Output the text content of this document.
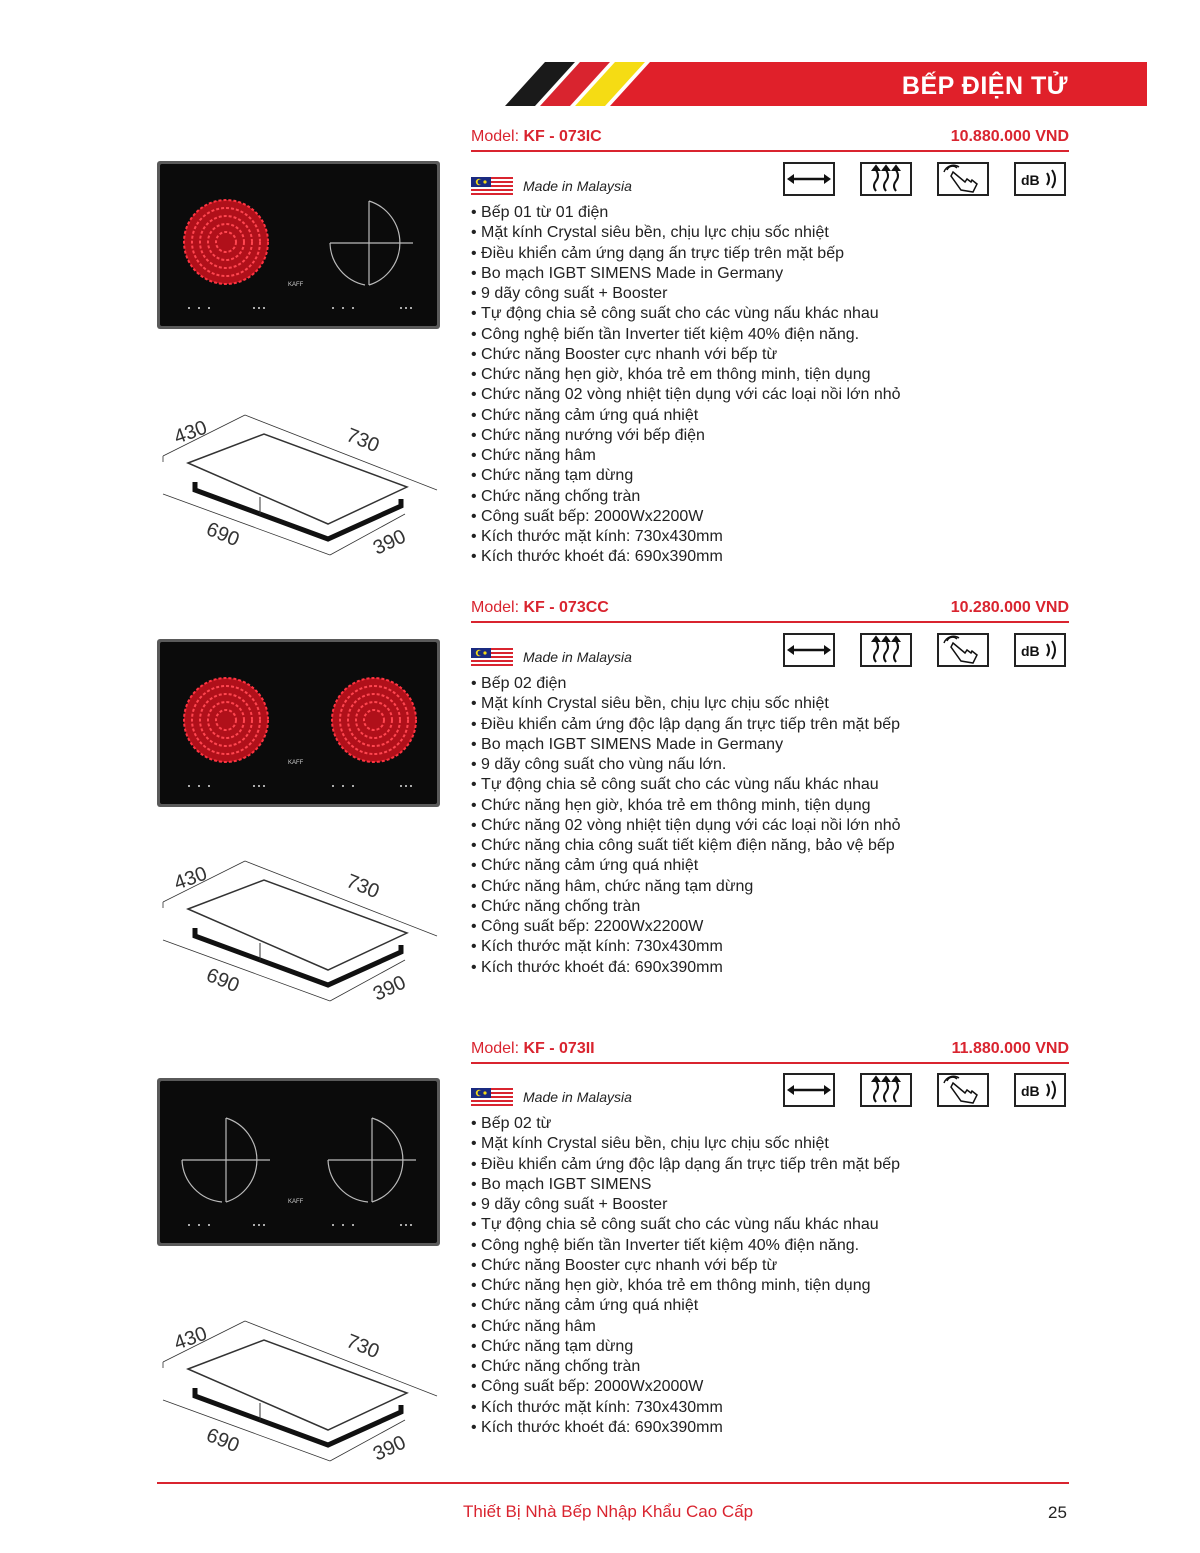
BẾP ĐIỆN TỬ
KAFF
430	730
690	390
Model: KF - 073IC	10.880.000 VND
Made in Malaysia	dB
• Bếp 01 từ 01 điện
• Mặt kính Crystal siêu bền, chịu lực chịu sốc nhiệt
• Điều khiển cảm ứng dạng ấn trực tiếp trên mặt bếp
• Bo mạch IGBT SIMENS Made in Germany
• 9 dãy công suất + Booster
• Tự động chia sẻ công suất cho các vùng nấu khác nhau
• Công nghệ biến tần Inverter tiết kiệm 40% điện năng.
• Chức năng Booster cực nhanh với bếp từ
• Chức năng hẹn giờ, khóa trẻ em thông minh, tiện dụng
• Chức năng 02 vòng nhiệt tiện dụng với các loại nồi lớn nhỏ
• Chức năng cảm ứng quá nhiệt
• Chức năng nướng với bếp điện
• Chức năng hâm
• Chức năng tạm dừng
• Chức năng chống tràn
• Công suất bếp: 2000Wx2200W
• Kích thước mặt kính: 730x430mm
• Kích thước khoét đá: 690x390mm
KAFF
430	730
690	390
Model: KF - 073CC	10.280.000 VND
Made in Malaysia	dB
• Bếp 02 điện
• Mặt kính Crystal siêu bền, chịu lực chịu sốc nhiệt
• Điều khiển cảm ứng độc lập dạng ấn trực tiếp trên mặt bếp
• Bo mạch IGBT SIMENS Made in Germany
• 9 dãy công suất cho vùng nấu lớn.
• Tự động chia sẻ công suất cho các vùng nấu khác nhau
• Chức năng hẹn giờ, khóa trẻ em thông minh, tiện dụng
• Chức năng 02 vòng nhiệt tiện dụng với các loại nồi lớn nhỏ
• Chức năng chia công suất tiết kiệm điện năng, bảo vệ bếp
• Chức năng cảm ứng quá nhiệt
• Chức năng hâm, chức năng tạm dừng
• Chức năng chống tràn
• Công suất bếp: 2200Wx2200W
• Kích thước mặt kính: 730x430mm
• Kích thước khoét đá: 690x390mm
KAFF
430	730
690	390
Model: KF - 073II	11.880.000 VND
Made in Malaysia	dB
• Bếp 02 từ
• Mặt kính Crystal siêu bền, chịu lực chịu sốc nhiệt
• Điều khiển cảm ứng độc lập dạng ấn trực tiếp trên mặt bếp
• Bo mạch IGBT SIMENS
• 9 dãy công suất + Booster
• Tự động chia sẻ công suất cho các vùng nấu khác nhau
• Công nghệ biến tần Inverter tiết kiệm 40% điện năng.
• Chức năng Booster cực nhanh với bếp từ
• Chức năng hẹn giờ, khóa trẻ em thông minh, tiện dụng
• Chức năng cảm ứng quá nhiệt
• Chức năng hâm
• Chức năng tạm dừng
• Chức năng chống tràn
• Công suất bếp: 2000Wx2000W
• Kích thước mặt kính: 730x430mm
• Kích thước khoét đá: 690x390mm
Thiết Bị Nhà Bếp Nhập Khẩu Cao Cấp	25
